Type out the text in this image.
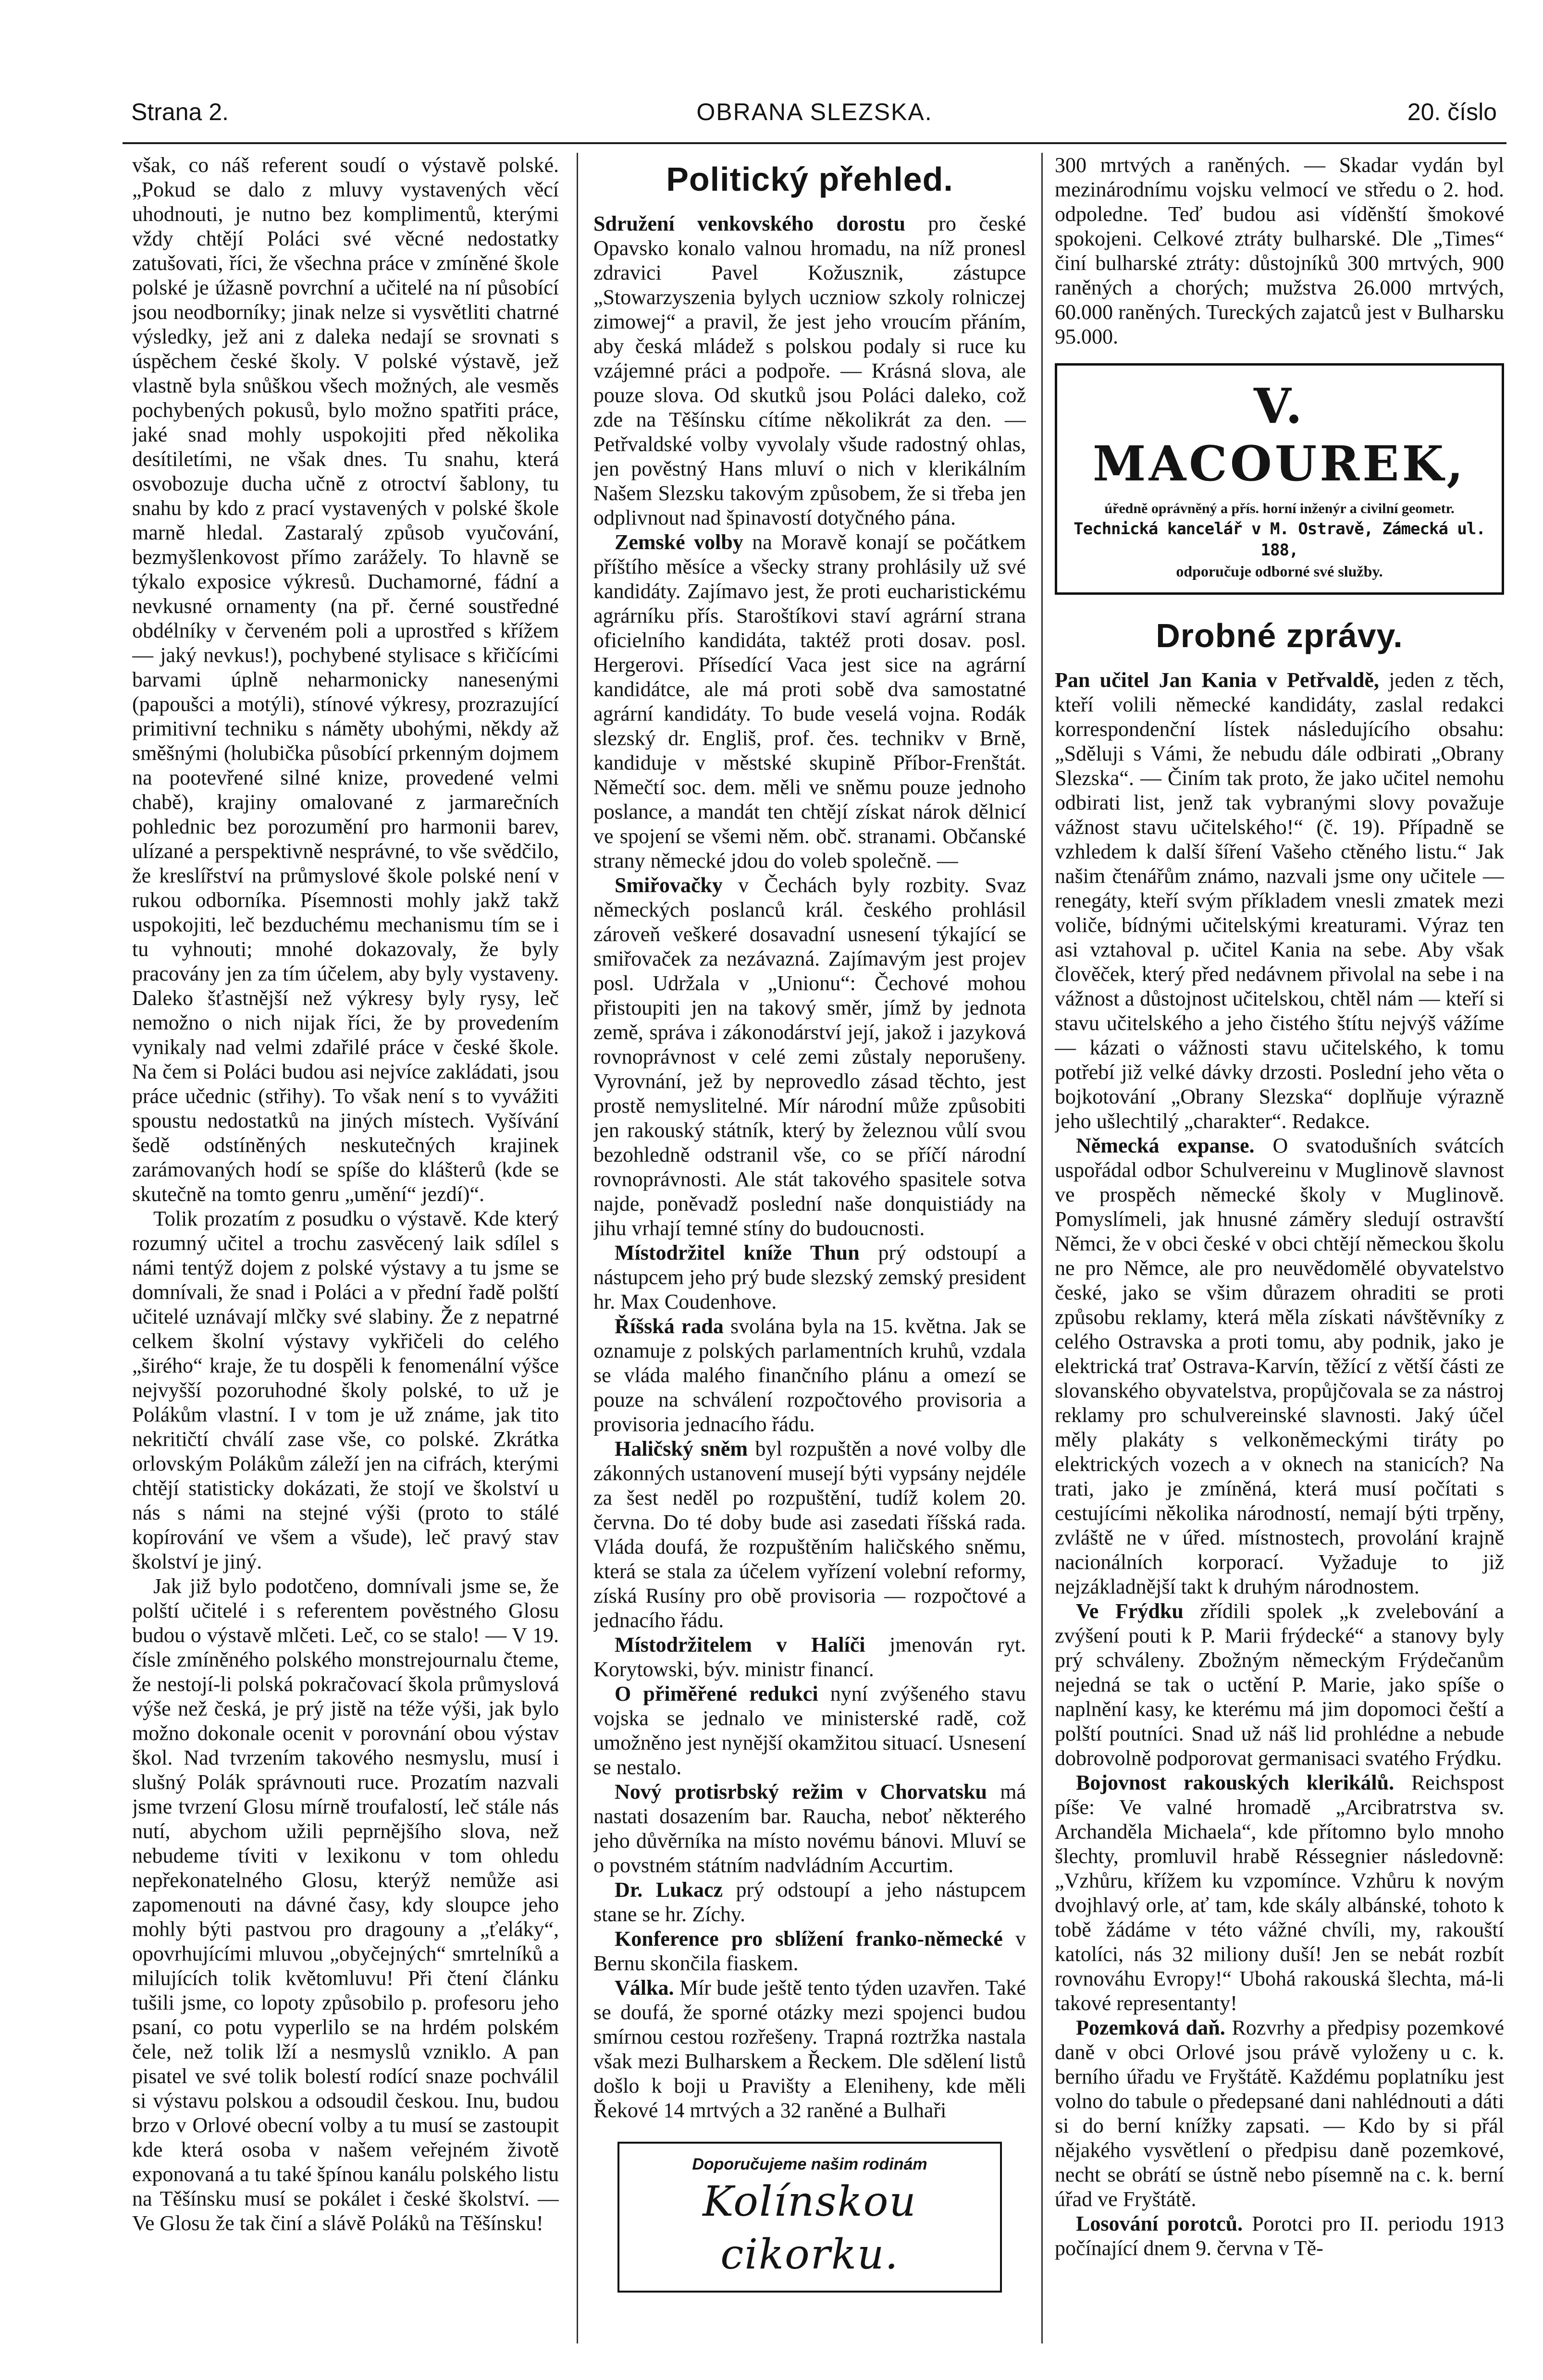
Strana 2.	OBRANA SLEZSKA.	20. číslo

však, co náš referent soudí o výstavě polské. „Pokud se dalo z mluvy vystavených věcí uhodnouti, je nutno bez komplimentů, kterými vždy chtějí Poláci své věcné nedostatky zatušovati, říci, že všechna práce v zmíněné škole polské je úžasně povrchní a učitelé na ní působící jsou neodborníky; jinak nelze si vysvětliti chatrné výsledky, jež ani z daleka nedají se srovnati s úspěchem české školy. V polské výstavě, jež vlastně byla snůškou všech možných, ale vesměs pochybených pokusů, bylo možno spatřiti práce, jaké snad mohly uspokojiti před několika desítiletími, ne však dnes. Tu snahu, která osvobozuje ducha učně z otroctví šablony, tu snahu by kdo z prací vystavených v polské škole marně hledal. Zastaralý způsob vyučování, bezmyšlenkovost přímo zarážely. To hlavně se týkalo exposice výkresů. Duchamorné, fádní a nevkusné ornamenty (na př. černé soustředné obdélníky v červeném poli a uprostřed s křížem — jaký nevkus!), pochybené stylisace s křičícími barvami úplně neharmonicky nanesenými (papoušci a motýli), stínové výkresy, prozrazující primitivní techniku s náměty ubohými, někdy až směšnými (holubička působící prkenným dojmem na pootevřené silné knize, provedené velmi chabě), krajiny omalované z jarmarečních pohlednic bez porozumění pro harmonii barev, ulízané a perspektivně nesprávné, to vše svědčilo, že kreslířství na průmyslové škole polské není v rukou odborníka. Písemnosti mohly jakž takž uspokojiti, leč bezduchému mechanismu tím se i tu vyhnouti; mnohé dokazovaly, že byly pracovány jen za tím účelem, aby byly vystaveny. Daleko šťastnější než výkresy byly rysy, leč nemožno o nich nijak říci, že by provedením vynikaly nad velmi zdařilé práce v české škole. Na čem si Poláci budou asi nejvíce zakládati, jsou práce učednic (střihy). To však není s to vyvážiti spoustu nedostatků na jiných místech. Vyšívání šedě odstíněných neskutečných krajinek zarámovaných hodí se spíše do klášterů (kde se skutečně na tomto genru „umění“ jezdí)“.

Tolik prozatím z posudku o výstavě. Kde který rozumný učitel a trochu zasvěcený laik sdílel s námi tentýž dojem z polské výstavy a tu jsme se domnívali, že snad i Poláci a v přední řadě polští učitelé uznávají mlčky své slabiny. Že z nepatrné celkem školní výstavy vykřičeli do celého „širého“ kraje, že tu dospěli k fenomenální výšce nejvyšší pozoruhodné školy polské, to už je Polákům vlastní. I v tom je už známe, jak tito nekritičtí chválí zase vše, co polské. Zkrátka orlovským Polákům záleží jen na cifrách, kterými chtějí statisticky dokázati, že stojí ve školství u nás s námi na stejné výši (proto to stálé kopírování ve všem a všude), leč pravý stav školství je jiný.

Jak již bylo podotčeno, domnívali jsme se, že polští učitelé i s referentem pověstného Glosu budou o výstavě mlčeti. Leč, co se stalo! — V 19. čísle zmíněného polského monstrejournalu čteme, že nestojí-li polská pokračovací škola průmyslová výše než česká, je prý jistě na téže výši, jak bylo možno dokonale ocenit v porovnání obou výstav škol. Nad tvrzením takového nesmyslu, musí i slušný Polák správnouti ruce. Prozatím nazvali jsme tvrzení Glosu mírně troufalostí, leč stále nás nutí, abychom užili peprnějšího slova, než nebudeme tíviti v lexikonu v tom ohledu nepřekonatelného Glosu, kterýž nemůže asi zapomenouti na dávné časy, kdy sloupce jeho mohly býti pastvou pro dragouny a „ťeláky“, opovrhujícími mluvou „obyčejných“ smrtelníků a milujících tolik květomluvu! Při čtení článku tušili jsme, co lopoty způsobilo p. profesoru jeho psaní, co potu vyperlilo se na hrdém polském čele, než tolik lží a nesmyslů vzniklo. A pan pisatel ve své tolik bolestí rodící snaze pochválil si výstavu polskou a odsoudil českou. Inu, budou brzo v Orlové obecní volby a tu musí se zastoupit kde která osoba v našem veřejném životě exponovaná a tu také špínou kanálu polského listu na Těšínsku musí se pokálet i české školství. — Ve Glosu že tak činí a slávě Poláků na Těšínsku!

Politický přehled.

Sdružení venkovského dorostu pro české Opavsko konalo valnou hromadu, na níž pronesl zdravici Pavel Kožusznik, zástupce „Stowarzyszenia bylych uczniow szkoly rolniczej zimowej“ a pravil, že jest jeho vroucím přáním, aby česká mládež s polskou podaly si ruce ku vzájemné práci a podpoře. — Krásná slova, ale pouze slova. Od skutků jsou Poláci daleko, což zde na Těšínsku cítíme několikrát za den. — Petřvaldské volby vyvolaly všude radostný ohlas, jen pověstný Hans mluví o nich v klerikálním Našem Slezsku takovým způsobem, že si třeba jen odplivnout nad špinavostí dotyčného pána.

Zemské volby na Moravě konají se počátkem příštího měsíce a všecky strany prohlásily už své kandidáty. Zajímavo jest, že proti eucharistickému agrárníku přís. Staroštíkovi staví agrární strana oficielního kandidáta, taktéž proti dosav. posl. Hergerovi. Přísedící Vaca jest sice na agrární kandidátce, ale má proti sobě dva samostatné agrární kandidáty. To bude veselá vojna. Rodák slezský dr. Engliš, prof. čes. technikv v Brně, kandiduje v městské skupině Příbor-Frenštát. Němečtí soc. dem. měli ve sněmu pouze jednoho poslance, a mandát ten chtějí získat nárok dělnicí ve spojení se všemi něm. obč. stranami. Občanské strany německé jdou do voleb společně. —

Smiřovačky v Čechách byly rozbity. Svaz německých poslanců král. českého prohlásil zároveň veškeré dosavadní usnesení týkající se smiřovaček za nezávazná. Zajímavým jest projev posl. Udržala v „Unionu“: Čechové mohou přistoupiti jen na takový směr, jímž by jednota země, správa i zákonodárství její, jakož i jazyková rovnoprávnost v celé zemi zůstaly neporušeny. Vyrovnání, jež by neprovedlo zásad těchto, jest prostě nemyslitelné. Mír národní může způsobiti jen rakouský státník, který by železnou vůlí svou bezohledně odstranil vše, co se příčí národní rovnoprávnosti. Ale stát takového spasitele sotva najde, poněvadž poslední naše donquistiády na jihu vrhají temné stíny do budoucnosti.

Místodržitel kníže Thun prý odstoupí a nástupcem jeho prý bude slezský zemský president hr. Max Coudenhove.

Říšská rada svolána byla na 15. května. Jak se oznamuje z polských parlamentních kruhů, vzdala se vláda malého finančního plánu a omezí se pouze na schválení rozpočtového provisoria a provisoria jednacího řádu.

Haličský sněm byl rozpuštěn a nové volby dle zákonných ustanovení musejí býti vypsány nejdéle za šest neděl po rozpuštění, tudíž kolem 20. června. Do té doby bude asi zasedati říšská rada. Vláda doufá, že rozpuštěním haličského sněmu, která se stala za účelem vyřízení volební reformy, získá Rusíny pro obě provisoria — rozpočtové a jednacího řádu.

Místodržitelem v Halíči jmenován ryt. Korytowski, býv. ministr financí.

O přiměřené redukci nyní zvýšeného stavu vojska se jednalo ve ministerské radě, což umožněno jest nynější okamžitou situací. Usnesení se nestalo.

Nový protisrbský režim v Chorvatsku má nastati dosazením bar. Raucha, neboť některého jeho důvěrníka na místo novému bánovi. Mluví se o povstném státním nadvládním Accurtim.

Dr. Lukacz prý odstoupí a jeho nástupcem stane se hr. Zíchy.

Konference pro sblížení franko-německé v Bernu skončila fiaskem.

Válka. Mír bude ještě tento týden uzavřen. Také se doufá, že sporné otázky mezi spojenci budou smírnou cestou rozřešeny. Trapná roztržka nastala však mezi Bulharskem a Řeckem. Dle sdělení listů došlo k boji u Pravišty a Eleniheny, kde měli Řekové 14 mrtvých a 32 raněné a Bulhaři

Doporučujeme našim rodinám
Kolínskou cikorku.

300 mrtvých a raněných. — Skadar vydán byl mezinárodnímu vojsku velmocí ve středu o 2. hod. odpoledne. Teď budou asi víděnští šmokové spokojeni. Celkové ztráty bulharské. Dle „Times“ činí bulharské ztráty: důstojníků 300 mrtvých, 900 raněných a chorých; mužstva 26.000 mrtvých, 60.000 raněných. Tureckých zajatců jest v Bulharsku 95.000.

V. MACOUREK,
úředně oprávněný a přís. horní inženýr a civilní geometr.
Technická kancelář v M. Ostravě, Zámecká ul. 188,
odporučuje odborné své služby.
Drobné zprávy.

Pan učitel Jan Kania v Petřvaldě, jeden z těch, kteří volili německé kandidáty, zaslal redakci korrespondenční lístek následujícího obsahu: „Sděluji s Vámi, že nebudu dále odbirati „Obrany Slezska“. — Činím tak proto, že jako učitel nemohu odbirati list, jenž tak vybranými slovy považuje vážnost stavu učitelského!“ (č. 19). Případně se vzhledem k další šíření Vašeho ctěného listu.“ Jak našim čtenářům známo, nazvali jsme ony učitele — renegáty, kteří svým příkladem vnesli zmatek mezi voliče, bídnými učitelskými kreaturami. Výraz ten asi vztahoval p. učitel Kania na sebe. Aby však člověček, který před nedávnem přivolal na sebe i na vážnost a důstojnost učitelskou, chtěl nám — kteří si stavu učitelského a jeho čistého štítu nejvýš vážíme — kázati o vážnosti stavu učitelského, k tomu potřebí již velké dávky drzosti. Poslední jeho věta o bojkotování „Obrany Slezska“ doplňuje výrazně jeho ušlechtilý „charakter“. Redakce.

Německá expanse. O svatodušních svátcích uspořádal odbor Schulvereinu v Muglinově slavnost ve prospěch německé školy v Muglinově. Pomyslímeli, jak hnusné záměry sledují ostravští Němci, že v obci české v obci chtějí německou školu ne pro Němce, ale pro neuvědomělé obyvatelstvo české, jako se všim důrazem ohraditi se proti způsobu reklamy, která měla získati návštěvníky z celého Ostravska a proti tomu, aby podnik, jako je elektrická trať Ostrava-Karvín, těžící z větší části ze slovanského obyvatelstva, propůjčovala se za nástroj reklamy pro schulvereinské slavnosti. Jaký účel měly plakáty s velkoněmeckými tiráty po elektrických vozech a v oknech na stanicích? Na trati, jako je zmíněná, která musí počítati s cestujícími několika národností, nemají býti trpěny, zvláště ne v úřed. místnostech, provolání krajně nacionálních korporací. Vyžaduje to již nejzákladnější takt k druhým národnostem.

Ve Frýdku zřídili spolek „k zvelebování a zvýšení pouti k P. Marii frýdecké“ a stanovy byly prý schváleny. Zbožným německým Frýdečanům nejedná se tak o uctění P. Marie, jako spíše o naplnění kasy, ke kterému má jim dopomoci čeští a polští poutníci. Snad už náš lid prohlédne a nebude dobrovolně podporovat germanisaci svatého Frýdku.

Bojovnost rakouských klerikálů. Reichspost píše: Ve valné hromadě „Arcibratrstva sv. Archanděla Michaela“, kde přítomno bylo mnoho šlechty, promluvil hrabě Réssegnier následovně: „Vzhůru, křížem ku vzpomínce. Vzhůru k novým dvojhlavý orle, ať tam, kde skály albánské, tohoto k tobě žádáme v této vážné chvíli, my, rakouští katolíci, nás 32 miliony duší! Jen se nebát rozbít rovnováhu Evropy!“ Ubohá rakouská šlechta, má-li takové representanty!

Pozemková daň. Rozvrhy a předpisy pozemkové daně v obci Orlové jsou právě vyloženy u c. k. berního úřadu ve Fryštátě. Každému poplatníku jest volno do tabule o předepsané dani nahlédnouti a dáti si do berní knížky zapsati. — Kdo by si přál nějakého vysvětlení o předpisu daně pozemkové, necht se obrátí se ústně nebo písemně na c. k. berní úřad ve Fryštátě.

Losování porotců. Porotci pro II. periodu 1913 počínající dnem 9. června v Tě-
